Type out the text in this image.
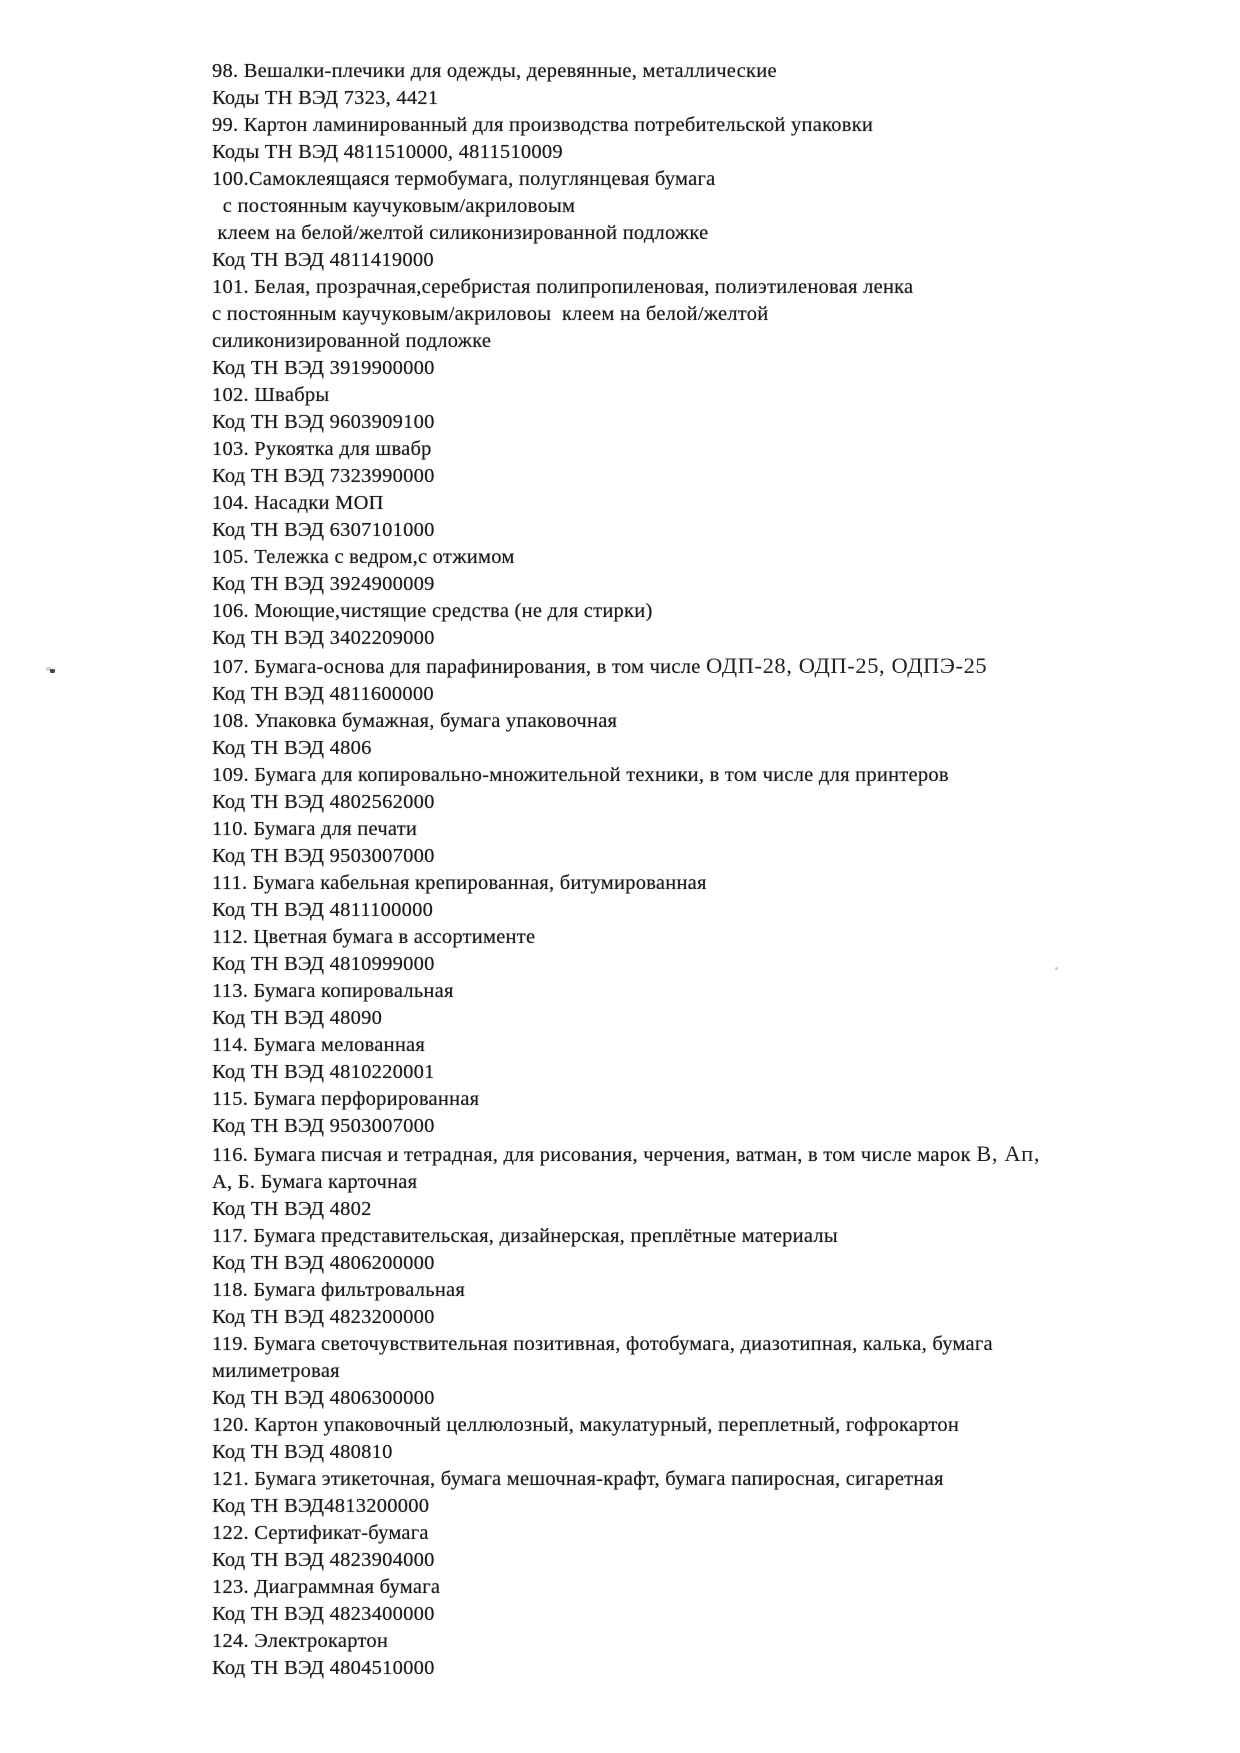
98. Вешалки-плечики для одежды, деревянные, металлические
Коды ТН ВЭД 7323, 4421
99. Картон ламинированный для производства потребительской упаковки
Коды ТН ВЭД 4811510000, 4811510009
100.Самоклеящаяся термобумага, полуглянцевая бумага
с постоянным каучуковым/акриловоым
клеем на белой/желтой силиконизированной подложке
Код ТН ВЭД 4811419000
101. Белая, прозрачная,серебристая полипропиленовая, полиэтиленовая ленка
с постоянным каучуковым/акриловоы  клеем на белой/желтой
силиконизированной подложке
Код ТН ВЭД 3919900000
102. Швабры
Код ТН ВЭД 9603909100
103. Рукоятка для швабр
Код ТН ВЭД 7323990000
104. Насадки МОП
Код ТН ВЭД 6307101000
105. Тележка с ведром,с отжимом
Код ТН ВЭД 3924900009
106. Моющие,чистящие средства (не для стирки)
Код ТН ВЭД 3402209000
107. Бумага-основа для парафинирования, в том числе ОДП-28, ОДП-25, ОДПЭ-25
Код ТН ВЭД 4811600000
108. Упаковка бумажная, бумага упаковочная
Код ТН ВЭД 4806
109. Бумага для копировально-множительной техники, в том числе для принтеров
Код ТН ВЭД 4802562000
110. Бумага для печати
Код ТН ВЭД 9503007000
111. Бумага кабельная крепированная, битумированная
Код ТН ВЭД 4811100000
112. Цветная бумага в ассортименте
Код ТН ВЭД 4810999000
113. Бумага копировальная
Код ТН ВЭД 48090
114. Бумага мелованная
Код ТН ВЭД 4810220001
115. Бумага перфорированная
Код ТН ВЭД 9503007000
116. Бумага писчая и тетрадная, для рисования, черчения, ватман, в том числе марок В, Ап,
А, Б. Бумага карточная
Код ТН ВЭД 4802
117. Бумага представительская, дизайнерская, преплётные материалы
Код ТН ВЭД 4806200000
118. Бумага фильтровальная
Код ТН ВЭД 4823200000
119. Бумага светочувствительная позитивная, фотобумага, диазотипная, калька, бумага
милиметровая
Код ТН ВЭД 4806300000
120. Картон упаковочный целлюлозный, макулатурный, переплетный, гофрокартон
Код ТН ВЭД 480810
121. Бумага этикеточная, бумага мешочная-крафт, бумага папиросная, сигаретная
Код ТН ВЭД4813200000
122. Сертификат-бумага
Код ТН ВЭД 4823904000
123. Диаграммная бумага
Код ТН ВЭД 4823400000
124. Электрокартон
Код ТН ВЭД 4804510000
